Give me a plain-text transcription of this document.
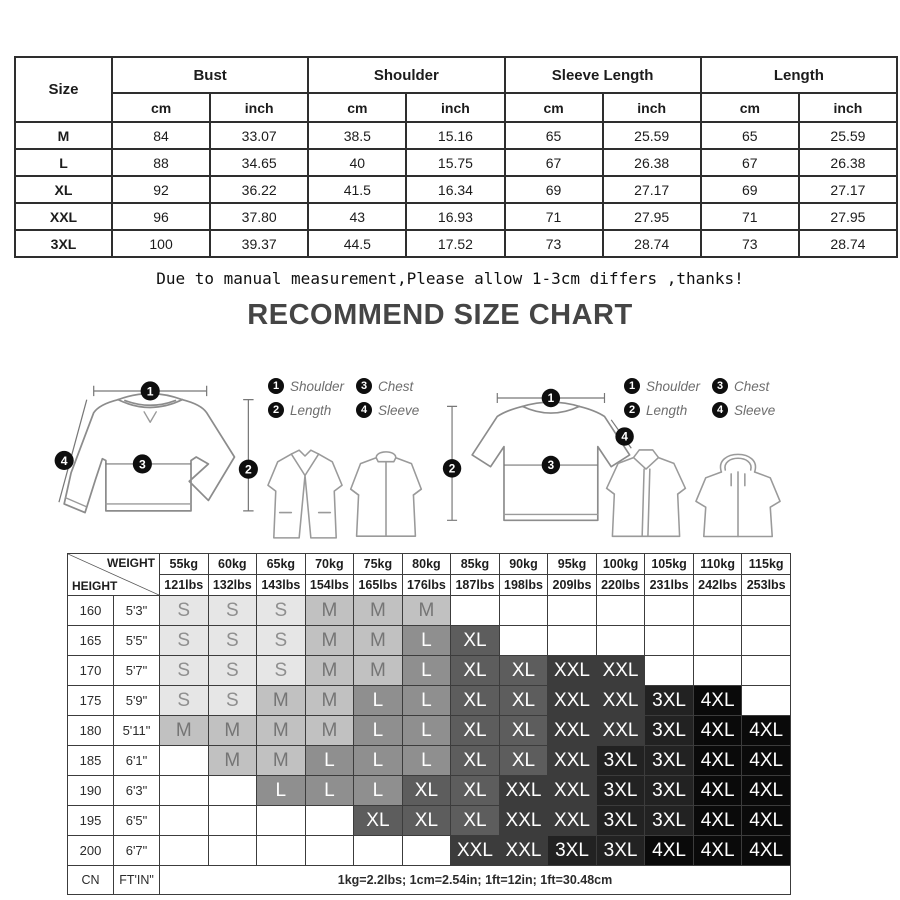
Size	Bust		Shoulder		Sleeve Length		Length	
	cm	inch	cm	inch	cm	inch	cm	inch
M	84	33.07	38.5	15.16	65	25.59	65	25.59
L	88	34.65	40	15.75	67	26.38	67	26.38
XL	92	36.22	41.5	16.34	69	27.17	69	27.17
XXL	96	37.80	43	16.93	71	27.95	71	27.95
3XL	100	39.37	44.5	17.52	73	28.74	73	28.74
Due to manual measurement,Please allow 1-3cm differs ,thanks!
RECOMMEND SIZE CHART
1
3	2
4
1 Shoulder	3 Chest
2 Length	4 Sleeve
1
2	3
4
1 Shoulder	3 Chest
2 Length	4 Sleeve
WEIGHT
HEIGHT		55kg	60kg	65kg	70kg	75kg	80kg	85kg	90kg	95kg	100kg	105kg	110kg	115kg
		121lbs	132lbs	143lbs	154lbs	165lbs	176lbs	187lbs	198lbs	209lbs	220lbs	231lbs	242lbs	253lbs
160	5'3"	S	S	S	M	M	M							
165	5'5"	S	S	S	M	M	L	XL						
170	5'7"	S	S	S	M	M	L	XL	XL	XXL	XXL			
175	5'9"	S	S	M	M	L	L	XL	XL	XXL	XXL	3XL	4XL	
180	5'11"	M	M	M	M	L	L	XL	XL	XXL	XXL	3XL	4XL	4XL
185	6'1"		M	M	L	L	L	XL	XL	XXL	3XL	3XL	4XL	4XL
190	6'3"			L	L	L	XL	XL	XXL	XXL	3XL	3XL	4XL	4XL
195	6'5"					XL	XL	XL	XXL	XXL	3XL	3XL	4XL	4XL
200	6'7"							XXL	XXL	3XL	3XL	4XL	4XL	4XL
CN	FT'IN"	1kg=2.2lbs; 1cm=2.54in; 1ft=12in; 1ft=30.48cm												
